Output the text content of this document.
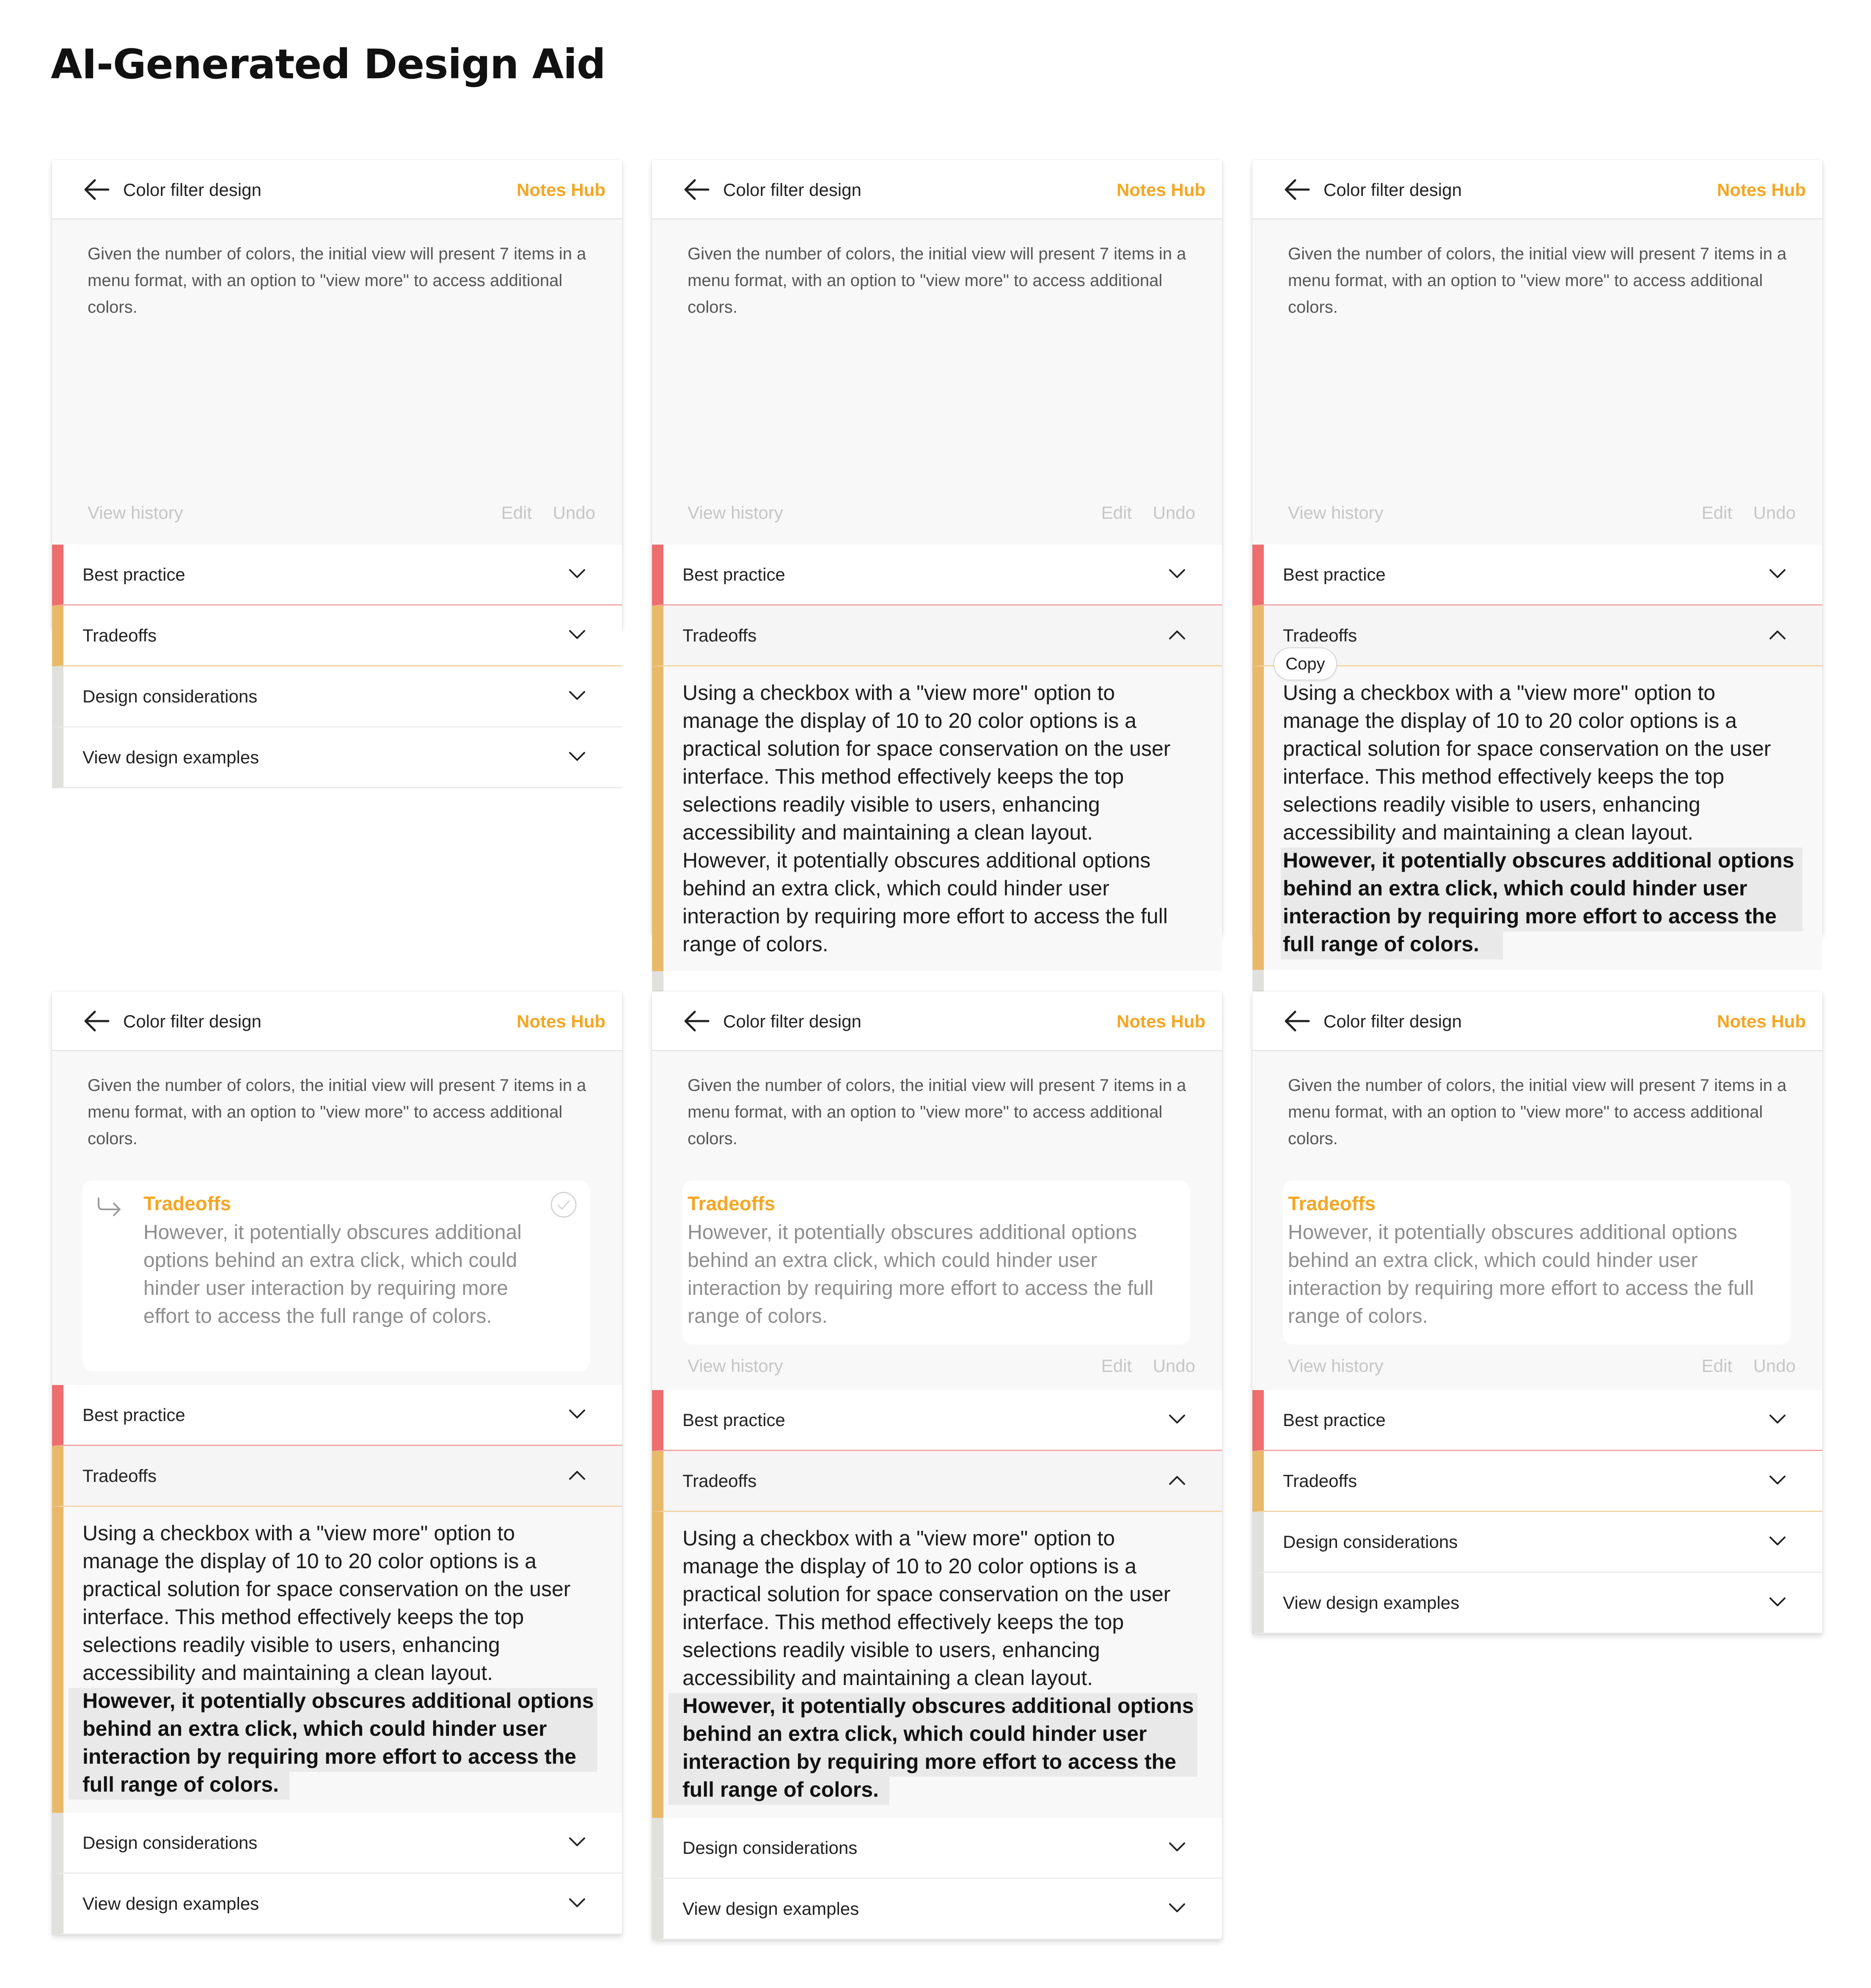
AI-Generated Design Aid
Color filter design	Notes Hub
Given the number of colors, the initial view will present 7 items in a menu format, with an option to "view more" to access additional colors.
View history	Edit Undo
Best practice
Tradeoffs
Design considerations
View design examples
Color filter design	Notes Hub
Given the number of colors, the initial view will present 7 items in a menu format, with an option to "view more" to access additional colors.
View history	Edit Undo
Best practice
Tradeoffs
Using a checkbox with a "view more" option to
manage the display of 10 to 20 color options is a
practical solution for space conservation on the user
interface. This method effectively keeps the top
selections readily visible to users, enhancing
accessibility and maintaining a clean layout.
However, it potentially obscures additional options
behind an extra click, which could hinder user
interaction by requiring more effort to access the full
range of colors.
Color filter design	Notes Hub
Given the number of colors, the initial view will present 7 items in a menu format, with an option to "view more" to access additional colors.
View history	Edit Undo
Best practice
Tradeoffs
Using a checkbox with a "view more" option to
manage the display of 10 to 20 color options is a
practical solution for space conservation on the user
interface. This method effectively keeps the top
selections readily visible to users, enhancing
accessibility and maintaining a clean layout.
However, it potentially obscures additional options
behind an extra click, which could hinder user
interaction by requiring more effort to access the
full range of colors.
Copy
Color filter design	Notes Hub
Given the number of colors, the initial view will present 7 items in a menu format, with an option to "view more" to access additional colors.
Tradeoffs
However, it potentially obscures additional options behind an extra click, which could hinder user interaction by requiring more effort to access the full range of colors.
Best practice
Tradeoffs
Using a checkbox with a "view more" option to
manage the display of 10 to 20 color options is a
practical solution for space conservation on the user
interface. This method effectively keeps the top
selections readily visible to users, enhancing
accessibility and maintaining a clean layout.
However, it potentially obscures additional options
behind an extra click, which could hinder user
interaction by requiring more effort to access the
full range of colors.
Design considerations
View design examples
Color filter design	Notes Hub
Given the number of colors, the initial view will present 7 items in a menu format, with an option to "view more" to access additional colors.
Tradeoffs
However, it potentially obscures additional options behind an extra click, which could hinder user interaction by requiring more effort to access the full range of colors.
View history	Edit Undo
Best practice
Tradeoffs
Using a checkbox with a "view more" option to
manage the display of 10 to 20 color options is a
practical solution for space conservation on the user
interface. This method effectively keeps the top
selections readily visible to users, enhancing
accessibility and maintaining a clean layout.
However, it potentially obscures additional options
behind an extra click, which could hinder user
interaction by requiring more effort to access the
full range of colors.
Design considerations
View design examples
Color filter design	Notes Hub
Given the number of colors, the initial view will present 7 items in a menu format, with an option to "view more" to access additional colors.
Tradeoffs
However, it potentially obscures additional options behind an extra click, which could hinder user interaction by requiring more effort to access the full range of colors.
View history	Edit Undo
Best practice
Tradeoffs
Design considerations
View design examples
